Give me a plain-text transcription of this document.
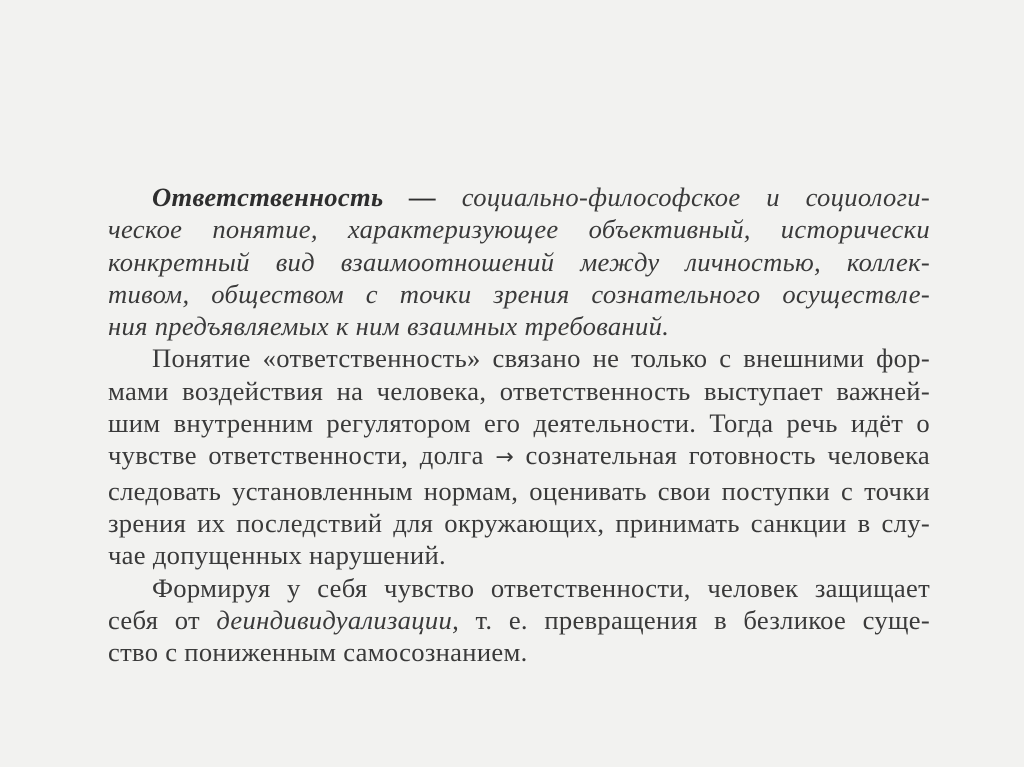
Ответственность — социально-философское и социологи-
ческое понятие, характеризующее объективный, исторически
конкретный вид взаимоотношений между личностью, коллек-
тивом, обществом с точки зрения сознательного осуществле-
ния предъявляемых к ним взаимных требований.
Понятие «ответственность» связано не только с внешними фор-
мами воздействия на человека, ответственность выступает важней-
шим внутренним регулятором его деятельности. Тогда речь идёт о
чувстве ответственности, долга → сознательная готовность человека
следовать установленным нормам, оценивать свои поступки с точки
зрения их последствий для окружающих, принимать санкции в слу-
чае допущенных нарушений.
Формируя у себя чувство ответственности, человек защищает
себя от деиндивидуализации, т. е. превращения в безликое суще-
ство с пониженным самосознанием.
